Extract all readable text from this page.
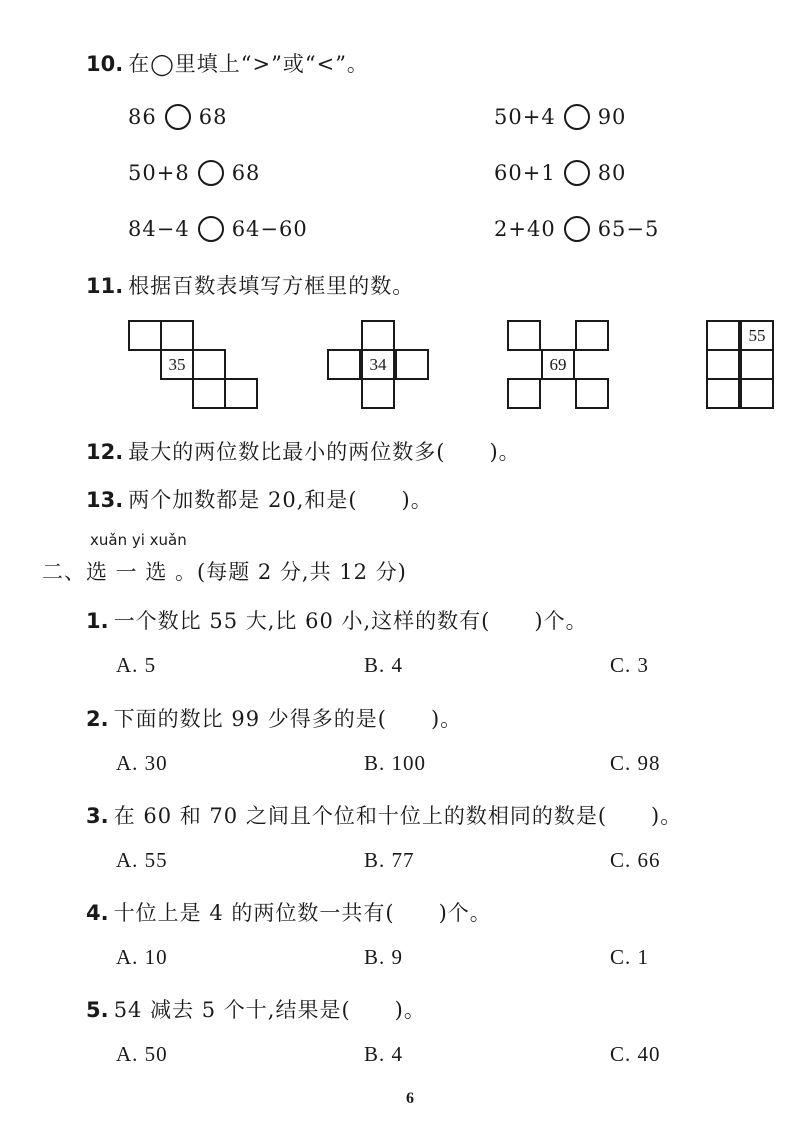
10. 在◯里填上“>”或“<”。
86 68	50+4 90
50+8 68	60+1 80
84−4 64−60	2+40 65−5
11. 根据百数表填写方框里的数。
35	34	69
55
12. 最大的两位数比最小的两位数多(　　)。
13. 两个加数都是 20,和是(　　)。
xuǎn yi xuǎn
二、选 一 选 。(每题 2 分,共 12 分)
1. 一个数比 55 大,比 60 小,这样的数有(　　)个。
A. 5	B. 4	C. 3
2. 下面的数比 99 少得多的是(　　)。
A. 30	B. 100	C. 98
3. 在 60 和 70 之间且个位和十位上的数相同的数是(　　)。
A. 55	B. 77	C. 66
4. 十位上是 4 的两位数一共有(　　)个。
A. 10	B. 9	C. 1
5. 54 减去 5 个十,结果是(　　)。
A. 50	B. 4	C. 40
6
